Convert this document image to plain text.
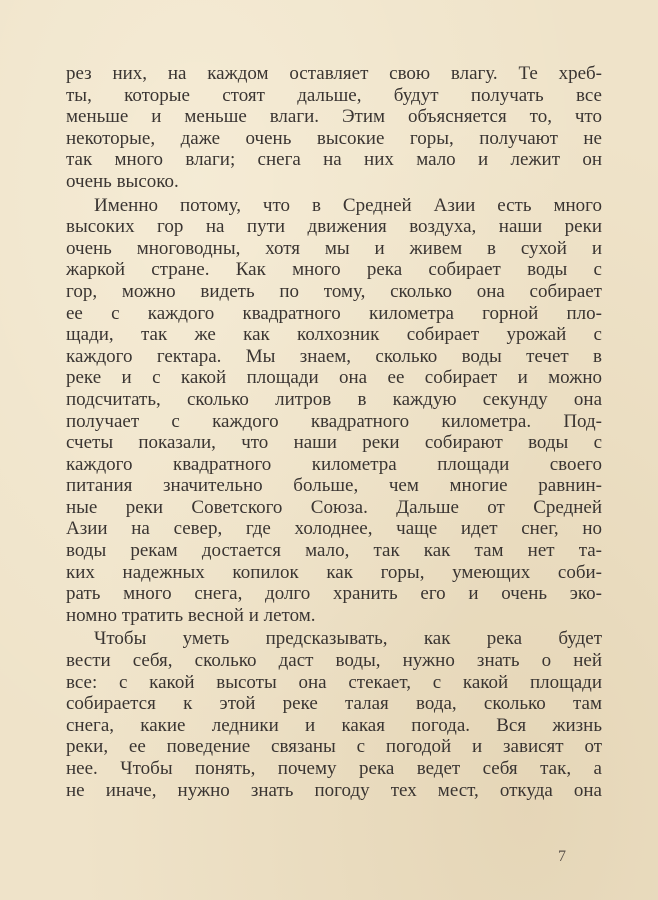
рез них, на каждом оставляет свою влагу. Те хреб-
ты, которые стоят дальше, будут получать все
меньше и меньше влаги. Этим объясняется то, что
некоторые, даже очень высокие горы, получают не
так много влаги; снега на них мало и лежит он
очень высоко.

Именно потому, что в Средней Азии есть много
высоких гор на пути движения воздуха, наши реки
очень многоводны, хотя мы и живем в сухой и
жаркой стране. Как много река собирает воды с
гор, можно видеть по тому, сколько она собирает
ее с каждого квадратного километра горной пло-
щади, так же как колхозник собирает урожай с
каждого гектара. Мы знаем, сколько воды течет в
реке и с какой площади она ее собирает и можно
подсчитать, сколько литров в каждую секунду она
получает с каждого квадратного километра. Под-
счеты показали, что наши реки собирают воды с
каждого квадратного километра площади своего
питания значительно больше, чем многие равнин-
ные реки Советского Союза. Дальше от Средней
Азии на север, где холоднее, чаще идет снег, но
воды рекам достается мало, так как там нет та-
ких надежных копилок как горы, умеющих соби-
рать много снега, долго хранить его и очень эко-
номно тратить весной и летом.

Чтобы уметь предсказывать, как река будет
вести себя, сколько даст воды, нужно знать о ней
все: с какой высоты она стекает, с какой площади
собирается к этой реке талая вода, сколько там
снега, какие ледники и какая погода. Вся жизнь
реки, ее поведение связаны с погодой и зависят от
нее. Чтобы понять, почему река ведет себя так, а
не иначе, нужно знать погоду тех мест, откуда она

7
